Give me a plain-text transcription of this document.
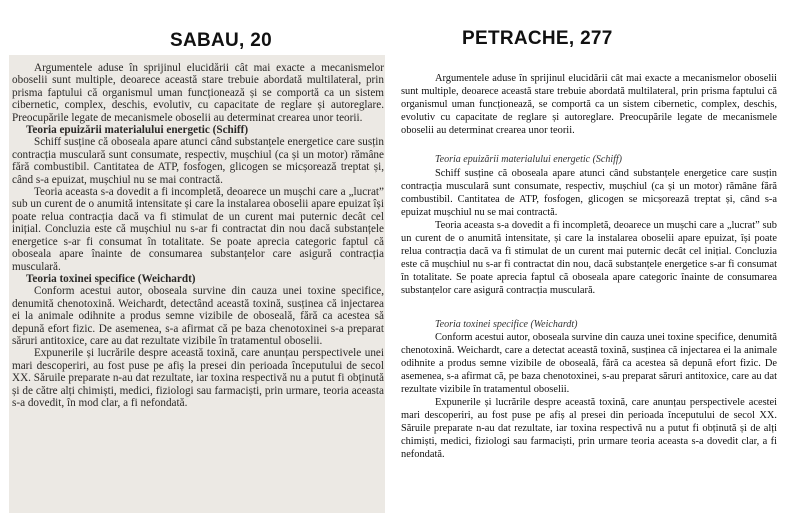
SABAU, 20

Argumentele aduse în sprijinul elucidării cât mai exacte a mecanismelor oboselii sunt multiple, deoarece această stare trebuie abordată multilateral, prin prisma faptului că organismul uman funcționează și se comportă ca un sistem cibernetic, complex, deschis, evolutiv, cu capacitate de reglare și autoreglare. Preocupările legate de mecanismele oboselii au determinat crearea unor teorii.

Teoria epuizării materialului energetic (Schiff)

Schiff susține că oboseala apare atunci când substanțele energetice care susțin contracția musculară sunt consumate, respectiv, mușchiul (ca și un motor) rămâne fără combustibil. Cantitatea de ATP, fosfogen, glicogen se micșorează treptat și, când s-a epuizat, mușchiul nu se mai contractă.

Teoria aceasta s-a dovedit a fi incompletă, deoarece un mușchi care a „lucrat” sub un curent de o anumită intensitate și care la instalarea oboselii apare epuizat își poate relua contracția dacă va fi stimulat de un curent mai puternic decât cel inițial. Concluzia este că mușchiul nu s-ar fi contractat din nou dacă substanțele energetice s-ar fi consumat în totalitate. Se poate aprecia categoric faptul că oboseala apare înainte de consumarea substanțelor care asigură contracția musculară.

Teoria toxinei specifice (Weichardt)

Conform acestui autor, oboseala survine din cauza unei toxine specifice, denumită chenotoxină. Weichardt, detectând această toxină, susținea că injectarea ei la animale odihnite a produs semne vizibile de oboseală, fără ca acestea să depună efort fizic. De asemenea, s-a afirmat că pe baza chenotoxinei s-a preparat săruri antitoxice, care au dat rezultate vizibile în tratamentul oboselii.

Expunerile și lucrările despre această toxină, care anunțau perspectivele unei mari descoperiri, au fost puse pe afiș la presei din perioada începutului de secol XX. Săruile preparate n-au dat rezultate, iar toxina respectivă nu a putut fi obținută și de către alți chimiști, medici, fiziologi sau farmaciști, prin urmare, teoria aceasta s-a dovedit, în mod clar, a fi nefondată.

PETRACHE, 277

Argumentele aduse în sprijinul elucidării cât mai exacte a mecanismelor oboselii sunt multiple, deoarece această stare trebuie abordată multilateral, prin prisma faptului că organismul uman funcționează, se comportă ca un sistem cibernetic, complex, deschis, evolutiv cu capacitate de reglare și autoreglare. Preocupările legate de mecanismele oboselii au determinat crearea unor teorii.

Teoria epuizării materialului energetic (Schiff)

Schiff susține că oboseala apare atunci când substanțele energetice care susțin contracția musculară sunt consumate, respectiv, mușchiul (ca și un motor) rămâne fără combustibil. Cantitatea de ATP, fosfogen, glicogen se micșorează treptat și, când s-a epuizat mușchiul nu se mai contractă.

Teoria aceasta s-a dovedit a fi incompletă, deoarece un mușchi care a „lucrat” sub un curent de o anumită intensitate, și care la instalarea oboselii apare epuizat, își poate relua contracția dacă va fi stimulat de un curent mai puternic decât cel inițial. Concluzia este că mușchiul nu s-ar fi contractat din nou, dacă substanțele energetice s-ar fi consumat în totalitate. Se poate aprecia faptul că oboseala apare categoric înainte de consumarea substanțelor care asigură contracția musculară.

Teoria toxinei specifice (Weichardt)

Conform acestui autor, oboseala survine din cauza unei toxine specifice, denumită chenotoxină. Weichardt, care a detectat această toxină, susținea că injectarea ei la animale odihnite a produs semne vizibile de oboseală, fără ca acestea să depună efort fizic. De asemenea, s-a afirmat că, pe baza chenotoxinei, s-au preparat săruri antitoxice, care au dat rezultate vizibile în tratamentul oboselii.

Expunerile și lucrările despre această toxină, care anunțau perspectivele acestei mari descoperiri, au fost puse pe afiș al presei din perioada începutului de secol XX. Săruile preparate n-au dat rezultate, iar toxina respectivă nu a putut fi obținută și de alți chimiști, medici, fiziologi sau farmaciști, prin urmare teoria aceasta s-a dovedit clar, a fi nefondată.
